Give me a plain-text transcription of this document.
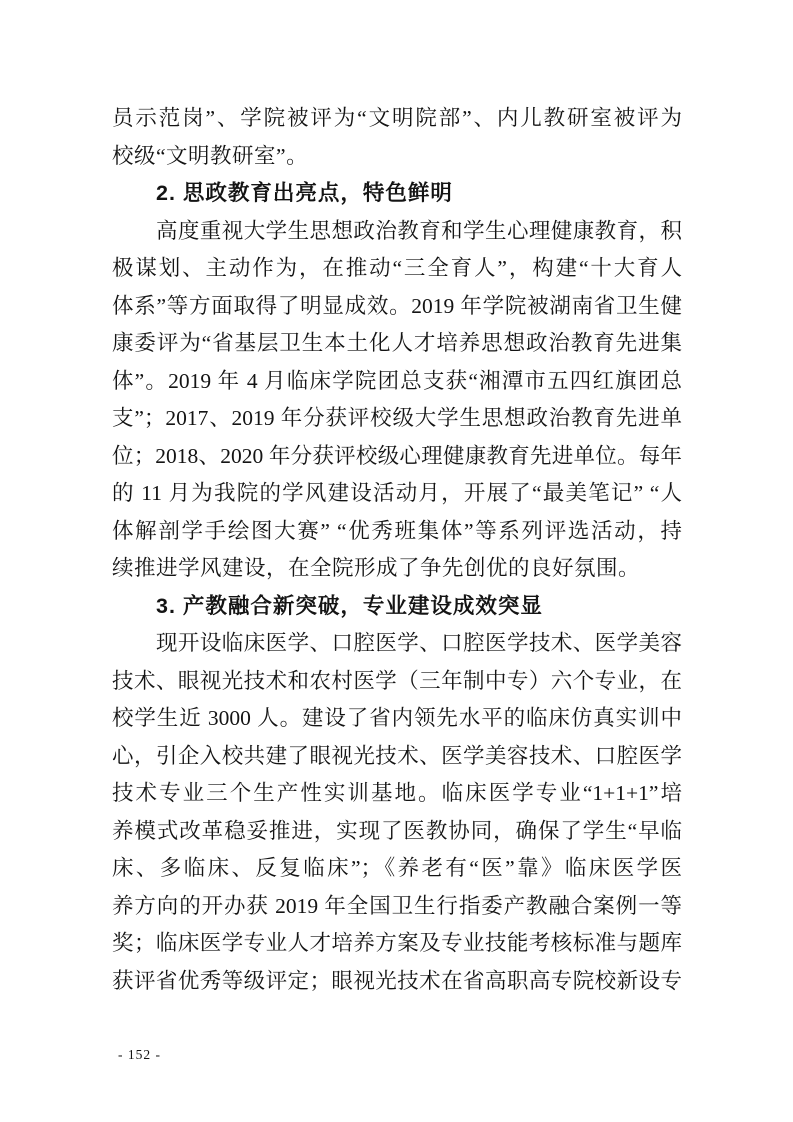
员示范岗”、学院被评为“文明院部”、内儿教研室被评为
校级“文明教研室”。
2. 思政教育出亮点，特色鲜明
高度重视大学生思想政治教育和学生心理健康教育，积
极谋划、主动作为，在推动“三全育人”，构建“十大育人
体系”等方面取得了明显成效。2019 年学院被湖南省卫生健
康委评为“省基层卫生本土化人才培养思想政治教育先进集
体”。2019 年 4 月临床学院团总支获“湘潭市五四红旗团总
支”；2017、2019 年分获评校级大学生思想政治教育先进单
位；2018、2020 年分获评校级心理健康教育先进单位。每年
的 11 月为我院的学风建设活动月，开展了“最美笔记” “人
体解剖学手绘图大赛” “优秀班集体”等系列评选活动，持
续推进学风建设，在全院形成了争先创优的良好氛围。
3. 产教融合新突破，专业建设成效突显
现开设临床医学、口腔医学、口腔医学技术、医学美容
技术、眼视光技术和农村医学（三年制中专）六个专业，在
校学生近 3000 人。建设了省内领先水平的临床仿真实训中
心，引企入校共建了眼视光技术、医学美容技术、口腔医学
技术专业三个生产性实训基地。临床医学专业“1+1+1”培
养模式改革稳妥推进，实现了医教协同，确保了学生“早临
床、多临床、反复临床”；《养老有“医”靠》临床医学医
养方向的开办获 2019 年全国卫生行指委产教融合案例一等
奖；临床医学专业人才培养方案及专业技能考核标准与题库
获评省优秀等级评定；眼视光技术在省高职高专院校新设专
- 152 -
